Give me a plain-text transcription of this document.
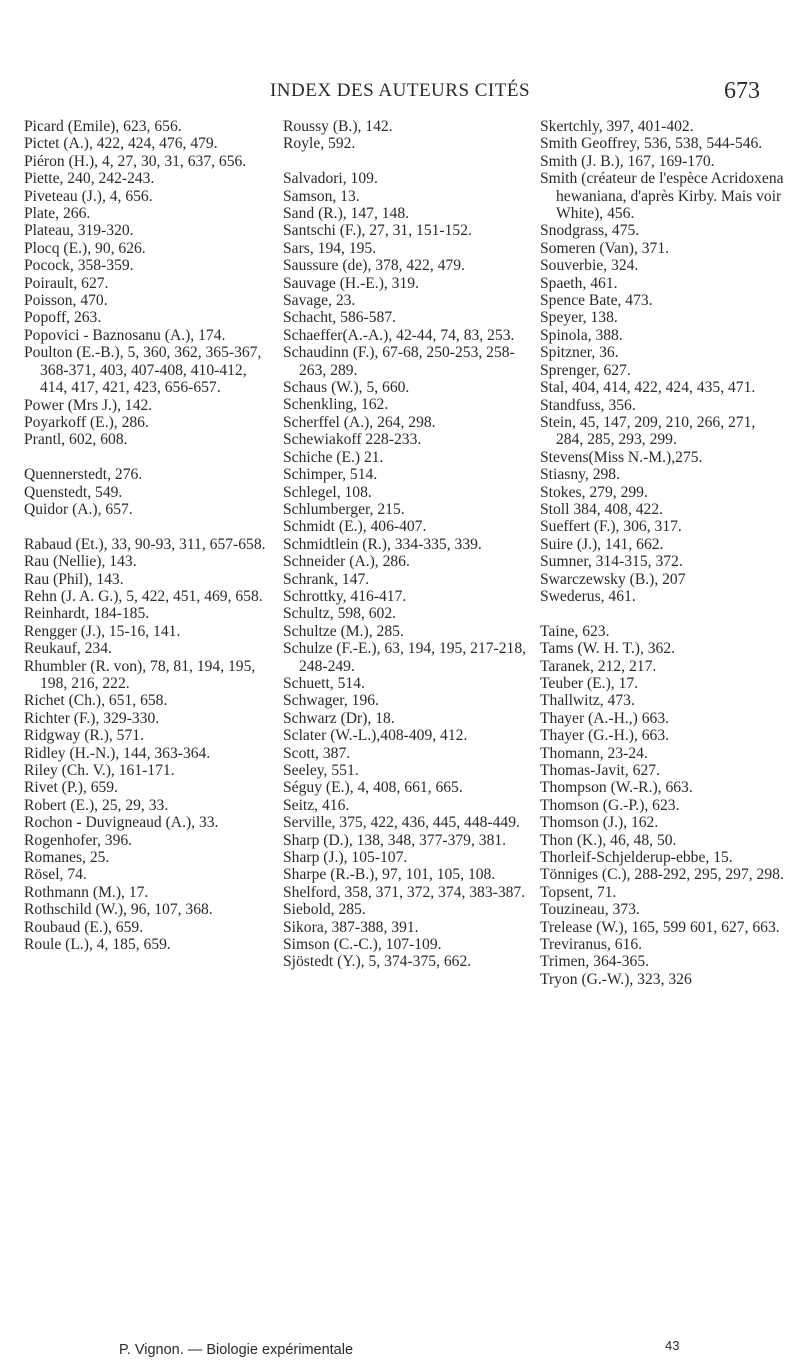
INDEX DES AUTEURS CITÉS	673

Picard (Emile), 623, 656.

Pictet (A.), 422, 424, 476, 479.

Piéron (H.), 4, 27, 30, 31, 637, 656.

Piette, 240, 242-243.

Piveteau (J.), 4, 656.

Plate, 266.

Plateau, 319-320.

Plocq (E.), 90, 626.

Pocock, 358-359.

Poirault, 627.

Poisson, 470.

Popoff, 263.

Popovici - Baznosanu (A.), 174.

Poulton (E.-B.), 5, 360, 362, 365-367, 368-371, 403, 407-408, 410-412, 414, 417, 421, 423, 656-657.

Power (Mrs J.), 142.

Poyarkoff (E.), 286.

Prantl, 602, 608.

Quennerstedt, 276.

Quenstedt, 549.

Quidor (A.), 657.

Rabaud (Et.), 33, 90-93, 311, 657-658.

Rau (Nellie), 143.

Rau (Phil), 143.

Rehn (J. A. G.), 5, 422, 451, 469, 658.

Reinhardt, 184-185.

Rengger (J.), 15-16, 141.

Reukauf, 234.

Rhumbler (R. von), 78, 81, 194, 195, 198, 216, 222.

Richet (Ch.), 651, 658.

Richter (F.), 329-330.

Ridgway (R.), 571.

Ridley (H.-N.), 144, 363-364.

Riley (Ch. V.), 161-171.

Rivet (P.), 659.

Robert (E.), 25, 29, 33.

Rochon - Duvigneaud (A.), 33.

Rogenhofer, 396.

Romanes, 25.

Rösel, 74.

Rothmann (M.), 17.

Rothschild (W.), 96, 107, 368.

Roubaud (E.), 659.

Roule (L.), 4, 185, 659.

Roussy (B.), 142.

Royle, 592.

Salvadori, 109.

Samson, 13.

Sand (R.), 147, 148.

Santschi (F.), 27, 31, 151-152.

Sars, 194, 195.

Saussure (de), 378, 422, 479.

Sauvage (H.-E.), 319.

Savage, 23.

Schacht, 586-587.

Schaeffer(A.-A.), 42-44, 74, 83, 253.

Schaudinn (F.), 67-68, 250-253, 258-263, 289.

Schaus (W.), 5, 660.

Schenkling, 162.

Scherffel (A.), 264, 298.

Schewiakoff 228-233.

Schiche (E.) 21.

Schimper, 514.

Schlegel, 108.

Schlumberger, 215.

Schmidt (E.), 406-407.

Schmidtlein (R.), 334-335, 339.

Schneider (A.), 286.

Schrank, 147.

Schrottky, 416-417.

Schultz, 598, 602.

Schultze (M.), 285.

Schulze (F.-E.), 63, 194, 195, 217-218, 248-249.

Schuett, 514.

Schwager, 196.

Schwarz (Dr), 18.

Sclater (W.-L.),408-409, 412.

Scott, 387.

Seeley, 551.

Séguy (E.), 4, 408, 661, 665.

Seitz, 416.

Serville, 375, 422, 436, 445, 448-449.

Sharp (D.), 138, 348, 377-379, 381.

Sharp (J.), 105-107.

Sharpe (R.-B.), 97, 101, 105, 108.

Shelford, 358, 371, 372, 374, 383-387.

Siebold, 285.

Sikora, 387-388, 391.

Simson (C.-C.), 107-109.

Sjöstedt (Y.), 5, 374-375, 662.

Skertchly, 397, 401-402.

Smith Geoffrey, 536, 538, 544-546.

Smith (J. B.), 167, 169-170.

Smith (créateur de l'espèce Acridoxena hewaniana, d'après Kirby. Mais voir White), 456.

Snodgrass, 475.

Someren (Van), 371.

Souverbie, 324.

Spaeth, 461.

Spence Bate, 473.

Speyer, 138.

Spinola, 388.

Spitzner, 36.

Sprenger, 627.

Stal, 404, 414, 422, 424, 435, 471.

Standfuss, 356.

Stein, 45, 147, 209, 210, 266, 271, 284, 285, 293, 299.

Stevens(Miss N.-M.),275.

Stiasny, 298.

Stokes, 279, 299.

Stoll 384, 408, 422.

Sueffert (F.), 306, 317.

Suire (J.), 141, 662.

Sumner, 314-315, 372.

Swarczewsky (B.), 207

Swederus, 461.

Taine, 623.

Tams (W. H. T.), 362.

Taranek, 212, 217.

Teuber (E.), 17.

Thallwitz, 473.

Thayer (A.-H.,) 663.

Thayer (G.-H.), 663.

Thomann, 23-24.

Thomas-Javit, 627.

Thompson (W.-R.), 663.

Thomson (G.-P.), 623.

Thomson (J.), 162.

Thon (K.), 46, 48, 50.

Thorleif-Schjelderup-ebbe, 15.

Tönniges (C.), 288-292, 295, 297, 298.

Topsent, 71.

Touzineau, 373.

Trelease (W.), 165, 599 601, 627, 663.

Treviranus, 616.

Trimen, 364-365.

Tryon (G.-W.), 323, 326

P. Vignon. — Biologie expérimentale	43
